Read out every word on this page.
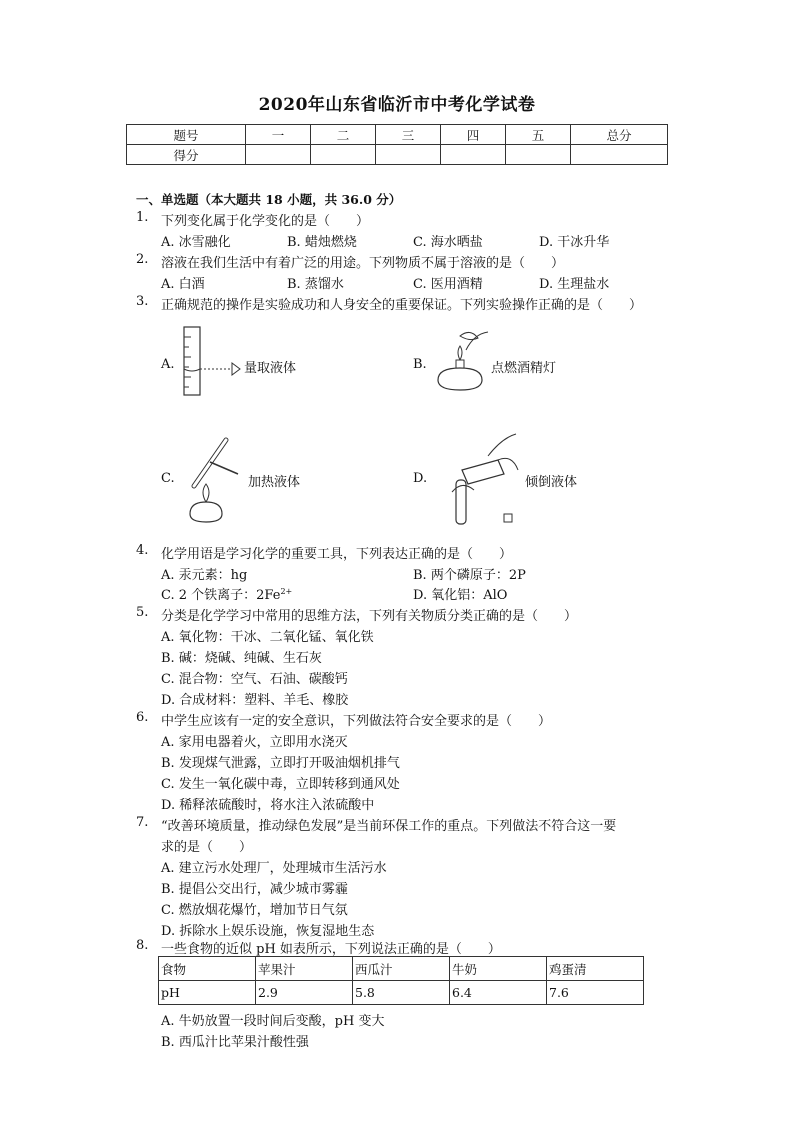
2020年山东省临沂市中考化学试卷
题号	一	二	三	四	五	总分
得分						
一、单选题（本大题共 18 小题，共 36.0 分）
1. 下列变化属于化学变化的是（　　）
A. 冰雪融化	B. 蜡烛燃烧	C. 海水晒盐	D. 干冰升华
2. 溶液在我们生活中有着广泛的用途。下列物质不属于溶液的是（　　）
A. 白酒	B. 蒸馏水	C. 医用酒精	D. 生理盐水
3. 正确规范的操作是实验成功和人身安全的重要保证。下列实验操作正确的是（　　）
A.	量取液体	B.	点燃酒精灯
C.	加热液体	D.	倾倒液体
4. 化学用语是学习化学的重要工具，下列表达正确的是（　　）
A. 汞元素：hg	B. 两个磷原子：2P
C. 2 个铁离子：$2Fe^{2+}$	D. 氧化铝：AlO
5. 分类是化学学习中常用的思维方法，下列有关物质分类正确的是（　　）
A. 氧化物：干冰、二氧化锰、氧化铁
B. 碱：烧碱、纯碱、生石灰
C. 混合物：空气、石油、碳酸钙
D. 合成材料：塑料、羊毛、橡胶
6. 中学生应该有一定的安全意识，下列做法符合安全要求的是（　　）
A. 家用电器着火，立即用水浇灭
B. 发现煤气泄露，立即打开吸油烟机排气
C. 发生一氧化碳中毒，立即转移到通风处
D. 稀释浓硫酸时，将水注入浓硫酸中
7. “改善环境质量，推动绿色发展”是当前环保工作的重点。下列做法不符合这一要
求的是（　　）
A. 建立污水处理厂，处理城市生活污水
B. 提倡公交出行，减少城市雾霾
C. 燃放烟花爆竹，增加节日气氛
D. 拆除水上娱乐设施，恢复湿地生态
8. 一些食物的近似 pH 如表所示，下列说法正确的是（　　）
食物	苹果汁	西瓜汁	牛奶	鸡蛋清
pH	2.9	5.8	6.4	7.6
A. 牛奶放置一段时间后变酸，pH 变大
B. 西瓜汁比苹果汁酸性强
